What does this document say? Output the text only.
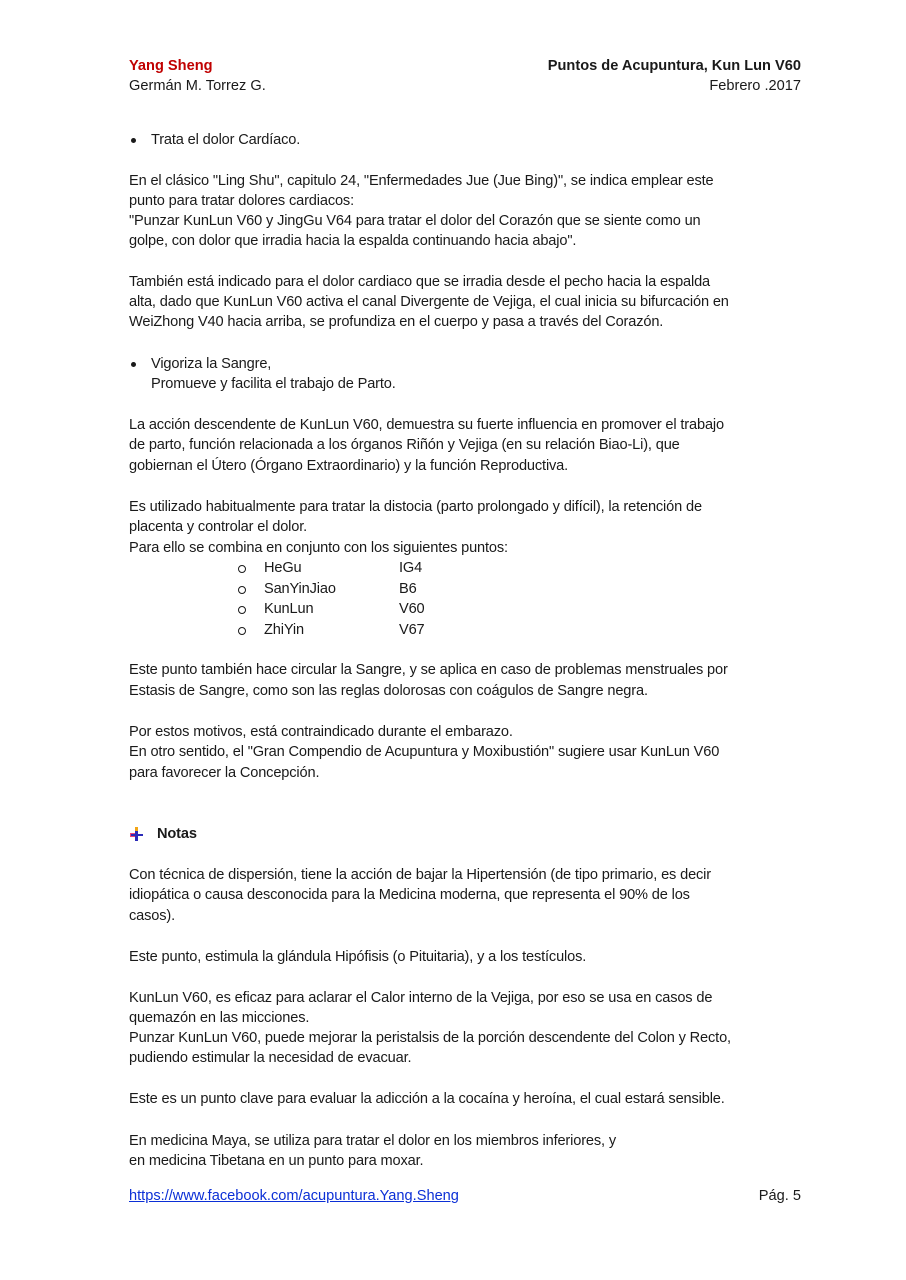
Yang Sheng
Germán M. Torrez G.
Puntos de Acupuntura, Kun Lun V60
Febrero .2017
Trata el dolor Cardíaco.
En el clásico "Ling Shu", capitulo 24, "Enfermedades Jue (Jue Bing)", se indica emplear este
punto para tratar dolores cardiacos:
"Punzar KunLun V60 y JingGu V64 para tratar el dolor del Corazón que se siente como un
golpe, con dolor que irradia hacia la espalda continuando hacia abajo".
También está indicado para el dolor cardiaco que se irradia desde el pecho hacia la espalda
alta, dado que KunLun V60 activa el canal Divergente de Vejiga, el cual inicia su bifurcación en
WeiZhong V40 hacia arriba, se profundiza en el cuerpo y pasa a través del Corazón.
Vigoriza la Sangre,
Promueve y facilita el trabajo de Parto.
La acción descendente de KunLun V60, demuestra su fuerte influencia en promover el trabajo
de parto, función relacionada a los órganos Riñón y Vejiga (en su relación Biao-Li), que
gobiernan el Útero (Órgano Extraordinario) y la función Reproductiva.
Es utilizado habitualmente para tratar la distocia (parto prolongado y difícil), la retención de
placenta y controlar el dolor.
Para ello se combina en conjunto con los siguientes puntos:
HeGu	IG4
SanYinJiao	B6
KunLun	V60
ZhiYin	V67
Este punto también hace circular la Sangre, y se aplica en caso de problemas menstruales por
Estasis de Sangre, como son las reglas dolorosas con coágulos de Sangre negra.
Por estos motivos, está contraindicado durante el embarazo.
En otro sentido, el "Gran Compendio de Acupuntura y Moxibustión" sugiere usar KunLun V60
para favorecer la Concepción.
Notas
Con técnica de dispersión, tiene la acción de bajar la Hipertensión (de tipo primario, es decir
idiopática o causa desconocida para la Medicina moderna, que representa el 90% de los
casos).
Este punto, estimula la glándula Hipófisis (o Pituitaria), y a los testículos.
KunLun V60, es eficaz para aclarar el Calor interno de la Vejiga, por eso se usa en casos de
quemazón en las micciones.
Punzar KunLun V60, puede mejorar la peristalsis de la porción descendente del Colon y Recto,
pudiendo estimular la necesidad de evacuar.
Este es un punto clave para evaluar la adicción a la cocaína y heroína, el cual estará sensible.
En medicina Maya, se utiliza para tratar el dolor en los miembros inferiores, y
en medicina Tibetana en un punto para moxar.
https://www.facebook.com/acupuntura.Yang.Sheng	Pág. 5
